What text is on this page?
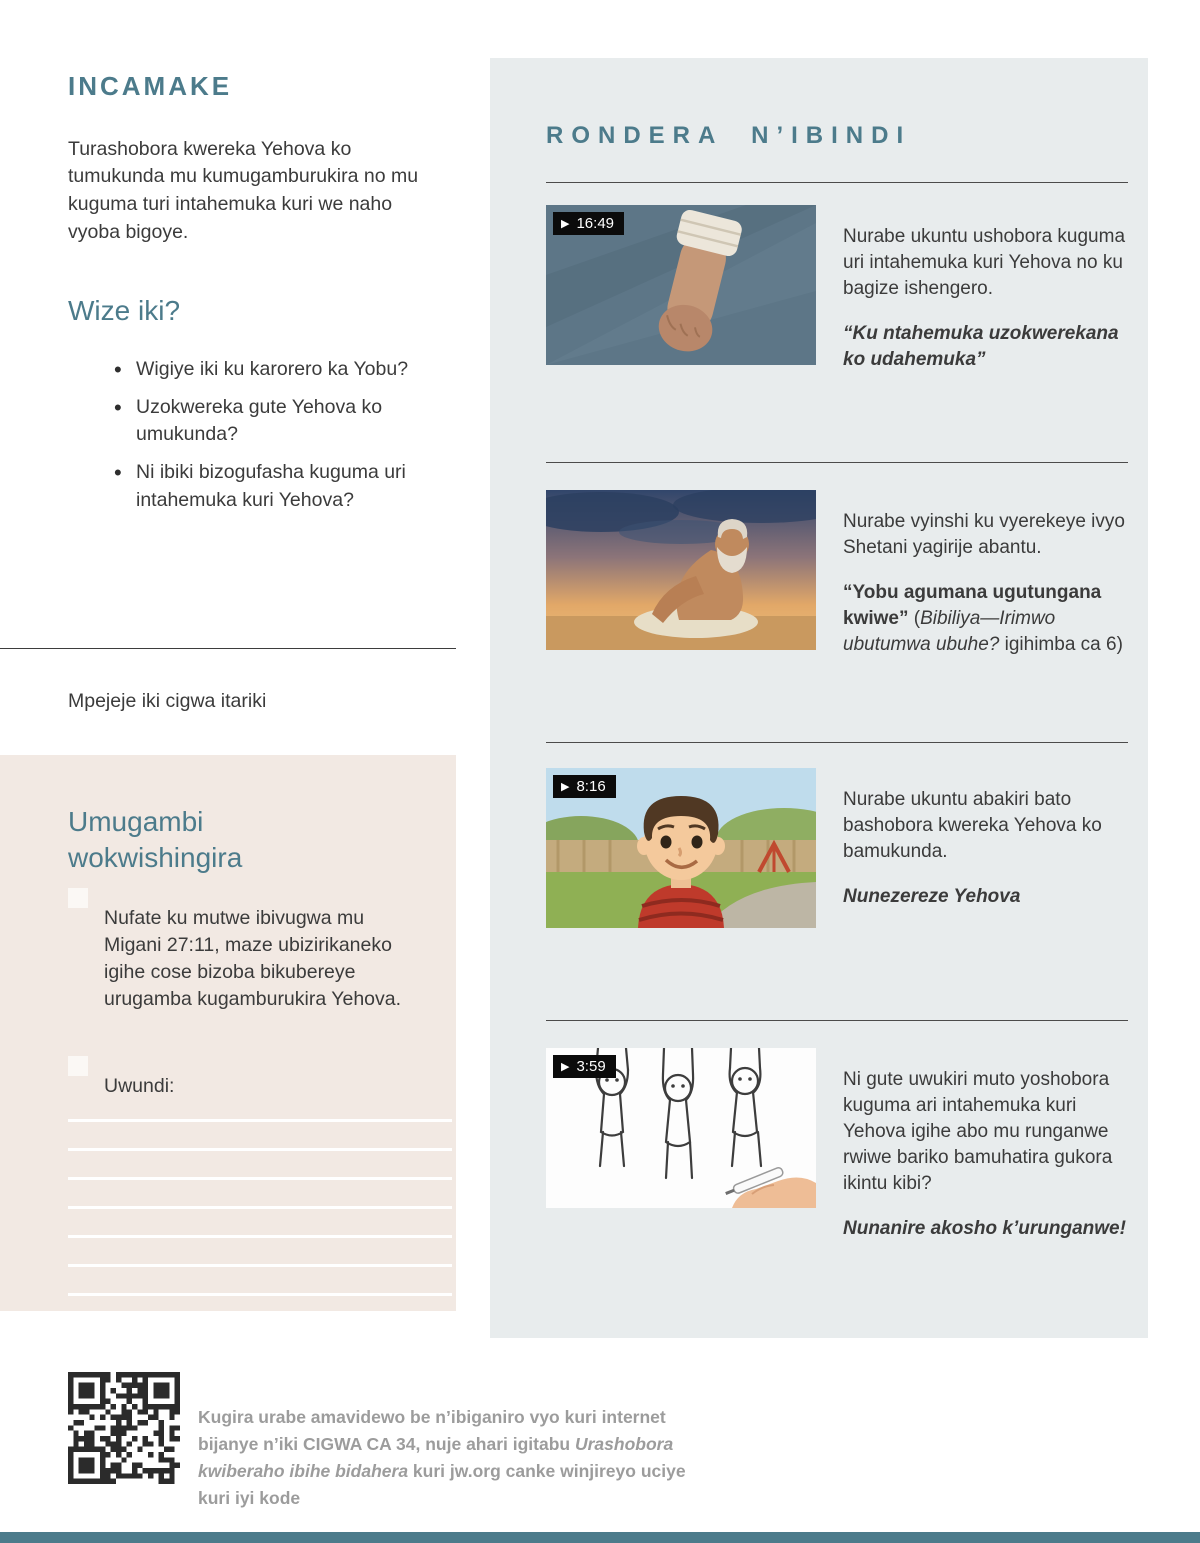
INCAMAKE

Turashobora kwereka Yehova ko tumukunda mu kumugamburukira no mu kuguma turi intahemuka kuri we naho vyoba bigoye.

Wize iki?
• Wigiye iki ku karorero ka Yobu?
• Uzokwereka gute Yehova ko umukunda?
• Ni ibiki bizogufasha kuguma uri intahemuka kuri Yehova?

Mpejeje iki cigwa itariki

Umugambi wokwishingira

Nufate ku mutwe ibivugwa mu Migani 27:11, maze ubizirikaneko igihe cose bizoba bikubereye urugamba kugamburukira Yehova.

Uwundi:

RONDERA N’IBINDI
▶ 16:49

Nurabe ukuntu ushobora kuguma uri intahemuka kuri Yehova no ku bagize ishengero.

“Ku ntahemuka uzokwerekana ko udahemuka”

Nurabe vyinshi ku vyerekeye ivyo Shetani yagirije abantu.

“Yobu agumana ugutungana kwiwe” (Bibiliya—Irimwo ubutumwa ubuhe? igihimba ca 6)

▶ 8:16

Nurabe ukuntu abakiri bato bashobora kwereka Yehova ko bamukunda.

Nunezereze Yehova

▶ 3:59

Ni gute uwukiri muto yoshobora kuguma ari intahemuka kuri Yehova igihe abo mu runganwe rwiwe bariko bamuhatira gukora ikintu kibi?

Nunanire akosho k’urunganwe!

Kugira urabe amavidewo be n’ibiganiro vyo kuri internet bijanye n’iki CIGWA CA 34, nuje ahari igitabu Urashobora kwiberaho ibihe bidahera kuri jw.org canke winjireyo uciye kuri iyi kode
